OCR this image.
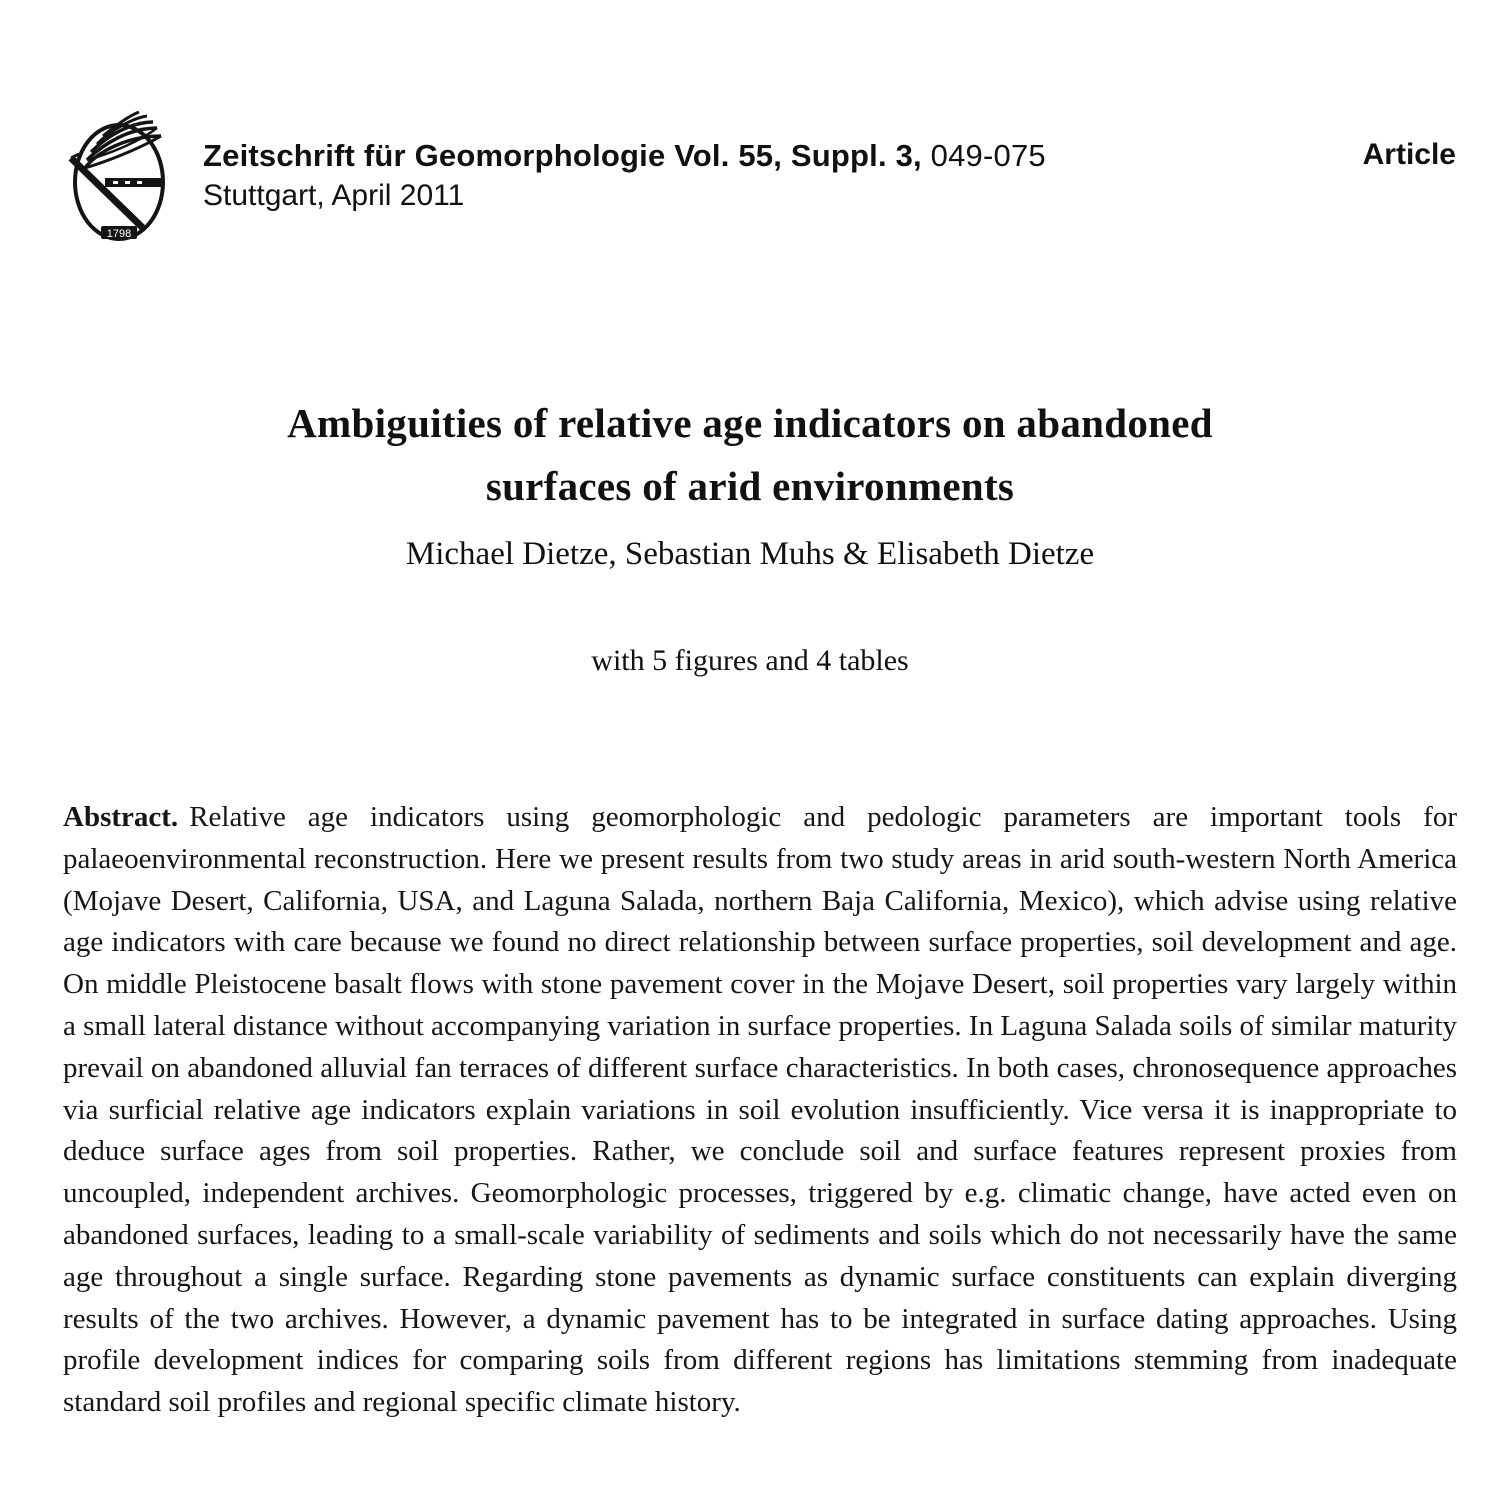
1798
Zeitschrift für Geomorphologie Vol. 55, Suppl. 3, 049-075
Stuttgart, April 2011
Article
Ambiguities of relative age indicators on abandoned
surfaces of arid environments
Michael Dietze, Sebastian Muhs & Elisabeth Dietze
with 5 figures and 4 tables

Abstract. Relative age indicators using geomorphologic and pedologic parameters are important tools for palaeoenvironmental reconstruction. Here we present results from two study areas in arid south-western North America (Mojave Desert, California, USA, and Laguna Salada, northern Baja California, Mexico), which advise using relative age indicators with care because we found no direct relationship between surface properties, soil development and age. On middle Pleistocene basalt flows with stone pavement cover in the Mojave Desert, soil properties vary largely within a small lateral distance without accompanying variation in surface properties. In Laguna Salada soils of similar maturity prevail on abandoned alluvial fan terraces of different surface characteristics. In both cases, chronosequence approaches via surficial relative age indicators explain variations in soil evolution insufficiently. Vice versa it is inappropriate to deduce surface ages from soil properties. Rather, we conclude soil and surface features represent proxies from uncoupled, independent archives. Geomorphologic processes, triggered by e.g. climatic change, have acted even on abandoned surfaces, leading to a small-scale variability of sediments and soils which do not necessarily have the same age throughout a single surface. Regarding stone pavements as dynamic surface constituents can explain diverging results of the two archives. However, a dynamic pavement has to be integrated in surface dating approaches. Using profile development indices for comparing soils from different regions has limitations stemming from inadequate standard soil profiles and regional specific climate history.
